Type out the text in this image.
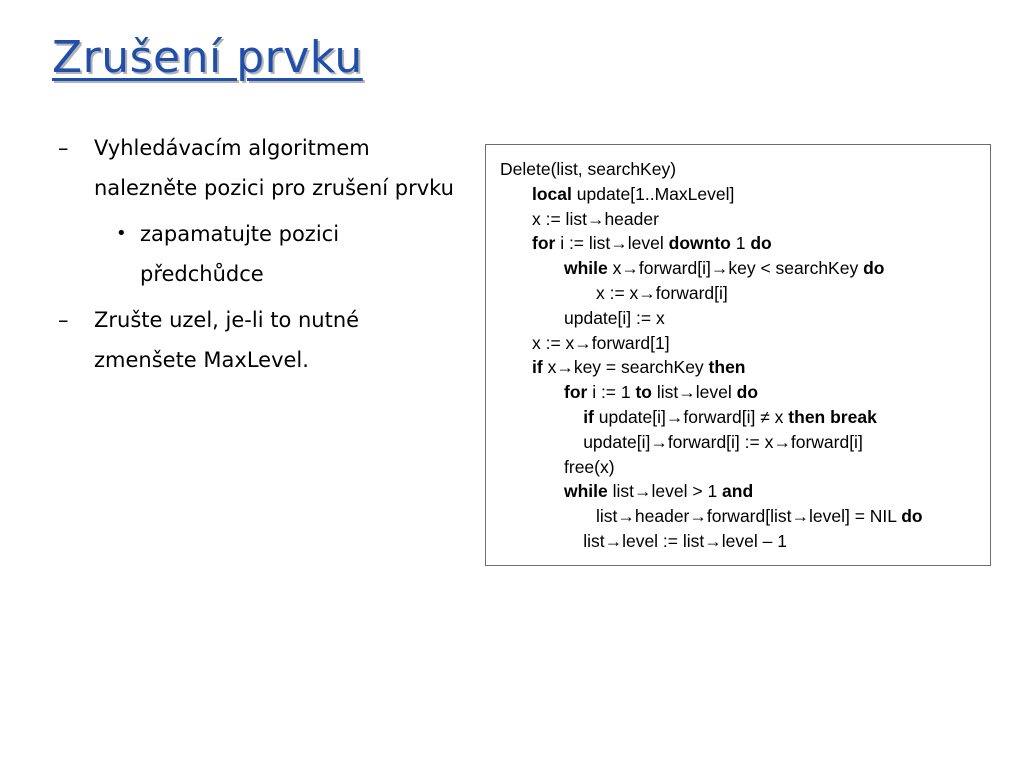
Zrušení prvku
– Vyhledávacím algoritmem nalezněte pozici pro zrušení prvku
• zapamatujte pozici předchůdce
– Zrušte uzel, je-li to nutné zmenšete MaxLevel.
Delete(list, searchKey)
local update[1..MaxLevel]
x := list→header
for i := list→level downto 1 do
while x→forward[i]→key < searchKey do
x := x→forward[i]
update[i] := x
x := x→forward[1]
if x→key = searchKey then
for i := 1 to list→level do
if update[i]→forward[i] ≠ x then break
update[i]→forward[i] := x→forward[i]
free(x)
while list→level > 1 and
list→header→forward[list→level] = NIL do
list→level := list→level – 1
